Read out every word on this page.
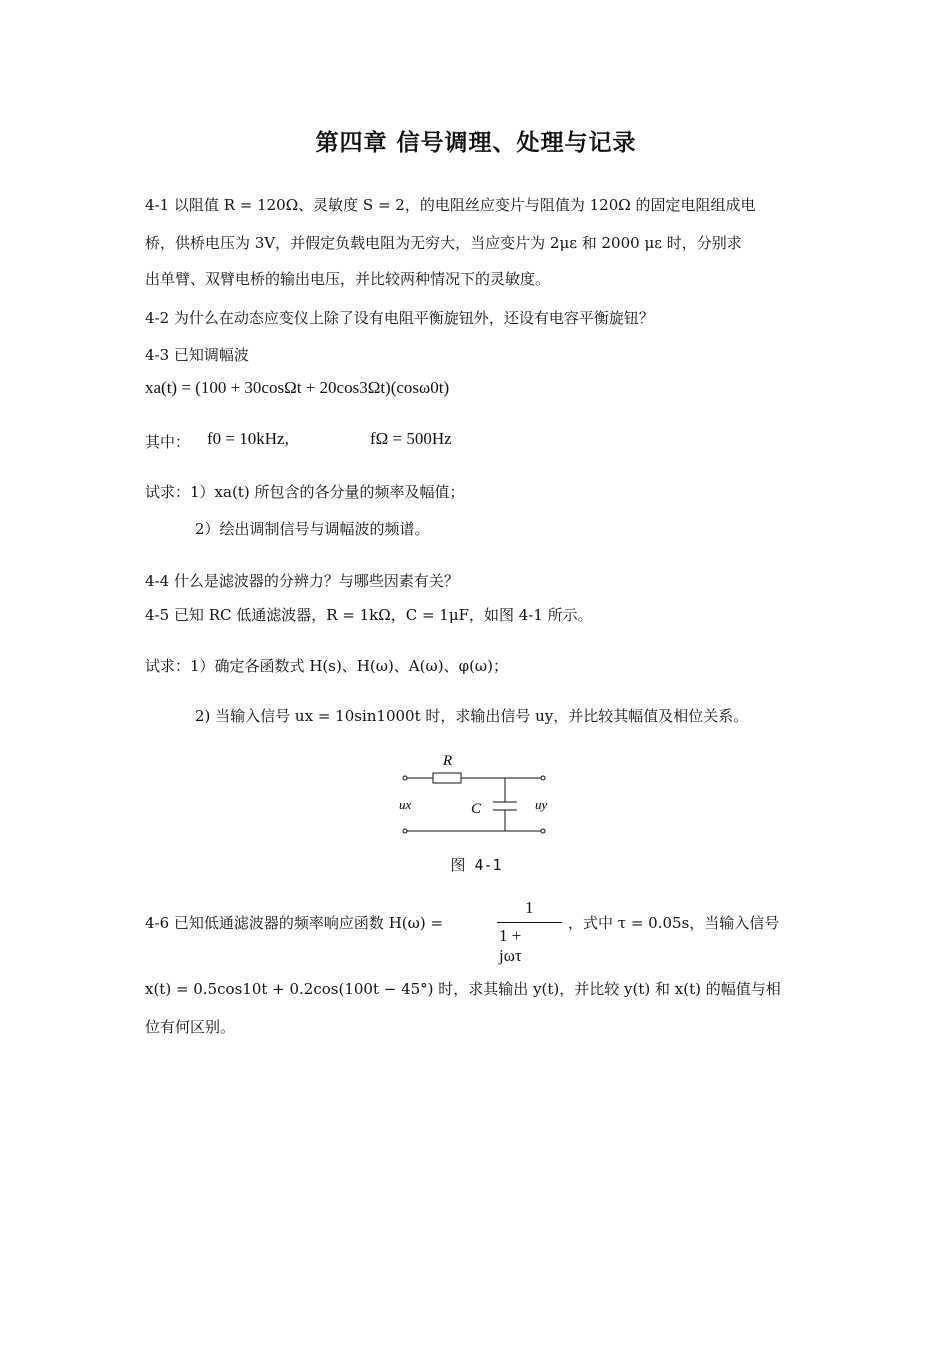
第四章 信号调理、处理与记录
4-1 以阻值 R = 120Ω、灵敏度 S = 2，的电阻丝应变片与阻值为 120Ω 的固定电阻组成电
桥，供桥电压为 3V，并假定负载电阻为无穷大，当应变片为 2με 和 2000 με 时，分别求
出单臂、双臂电桥的输出电压，并比较两种情况下的灵敏度。
4-2 为什么在动态应变仪上除了设有电阻平衡旋钮外，还设有电容平衡旋钮？
4-3 已知调幅波
xa(t) = (100 + 30cosΩt + 20cos3Ωt)(cosω0t)
其中： f0 = 10kHz,	fΩ = 500Hz
试求：1）xa(t) 所包含的各分量的频率及幅值；
2）绘出调制信号与调幅波的频谱。
4-4 什么是滤波器的分辨力？与哪些因素有关？
4-5 已知 RC 低通滤波器，R = 1kΩ，C = 1μF，如图 4-1 所示。
试求：1）确定各函数式 H(s)、H(ω)、A(ω)、φ(ω)；
2) 当输入信号 ux = 10sin1000t 时，求输出信号 uy，并比较其幅值及相位关系。
R
C
ux	uy
图 4-1
4-6 已知低通滤波器的频率响应函数 H(ω) =
1
1 + jωτ
，式中 τ = 0.05s，当输入信号
x(t) = 0.5cos10t + 0.2cos(100t − 45°) 时，求其输出 y(t)，并比较 y(t) 和 x(t) 的幅值与相
位有何区别。
